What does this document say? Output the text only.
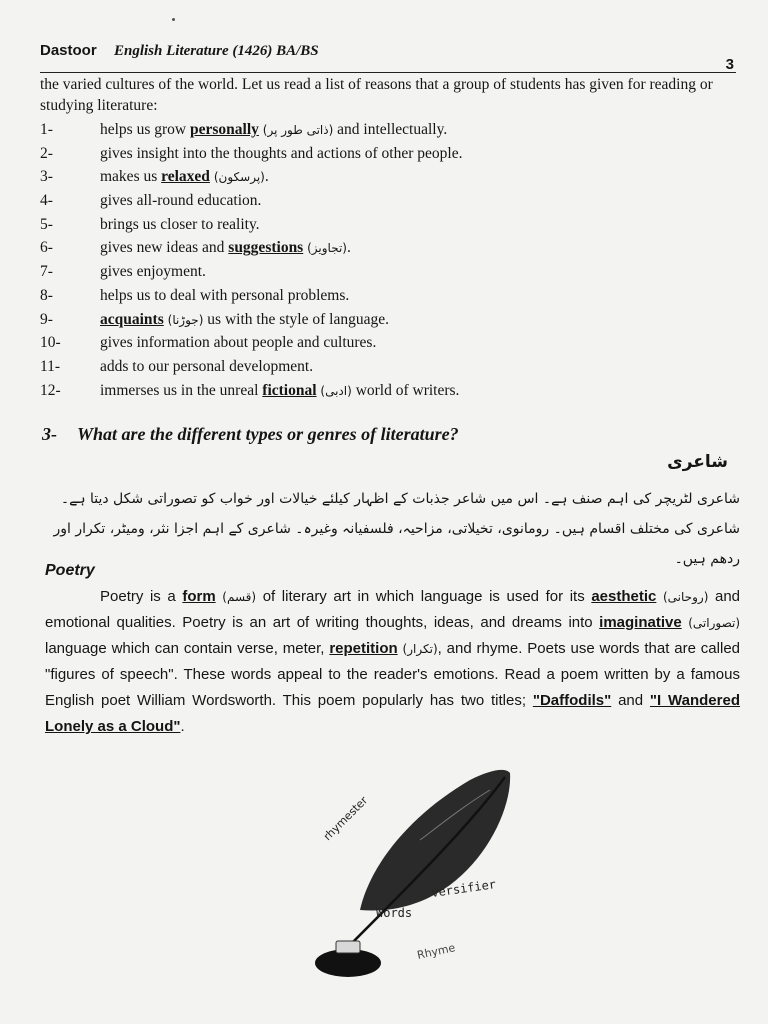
Dastoor English Literature (1426) BA/BS
3
the varied cultures of the world. Let us read a list of reasons that a group of students has given for reading or studying literature:
1-	helps us grow personally (ذاتی طور پر) and intellectually.
2-	gives insight into the thoughts and actions of other people.
3-	makes us relaxed (پرسکون).
4-	gives all-round education.
5-	brings us closer to reality.
6-	gives new ideas and suggestions (تجاویز).
7-	gives enjoyment.
8-	helps us to deal with personal problems.
9-	acquaints (جوڑنا) us with the style of language.
10-	gives information about people and cultures.
11-	adds to our personal development.
12-	immerses us in the unreal fictional (ادبی) world of writers.
3- What are the different types or genres of literature?
شاعری
شاعری لٹریچر کی اہم صنف ہے۔ اس میں شاعر جذبات کے اظہار کیلئے خیالات اور خواب کو تصوراتی شکل دیتا ہے۔ شاعری کی مختلف اقسام ہیں۔ رومانوی، تخیلاتی، مزاحیہ، فلسفیانہ وغیرہ۔ شاعری کے اہم اجزا نثر، ومیٹر، تکرار اور ردھم ہیں۔
Poetry
Poetry is a form (قسم) of literary art in which language is used for its aesthetic (روحانی) and emotional qualities. Poetry is an art of writing thoughts, ideas, and dreams into imaginative (تصوراتی) language which can contain verse, meter, repetition (تکرار), and rhyme. Poets use words that are called "figures of speech". These words appeal to the reader's emotions. Read a poem written by a famous English poet William Wordsworth. This poem popularly has two titles; "Daffodils" and "I Wandered Lonely as a Cloud".
rhymester
versifier
Words
Rhyme
